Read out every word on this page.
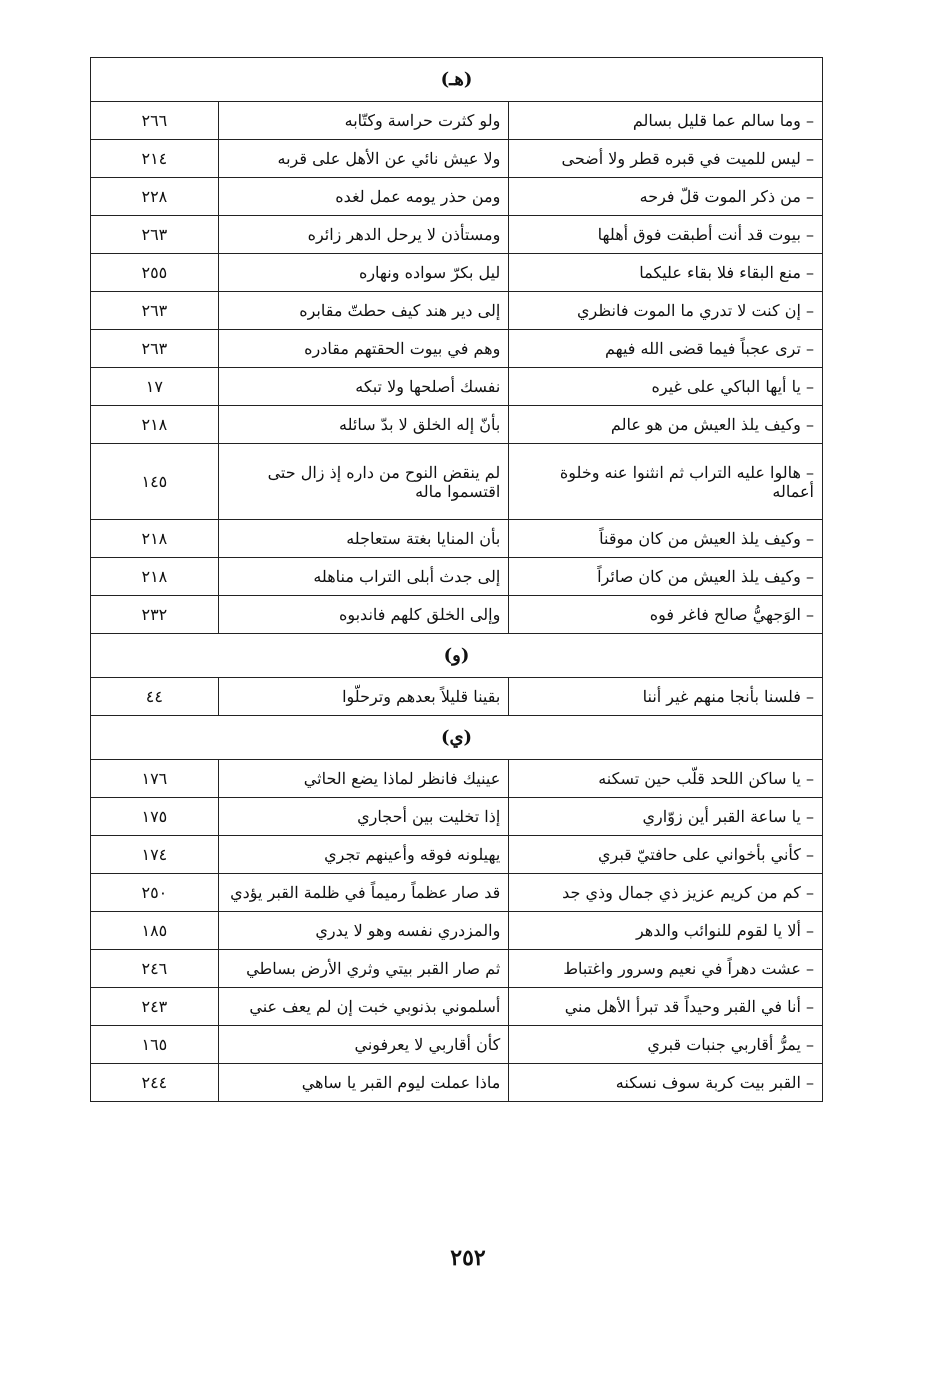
(هـ)		
– وما سالم عما قليل بسالم	ولو كثرت حراسة وكتّابه	٢٦٦
– ليس للميت في قبره قطر ولا أضحى	ولا عيش نائي عن الأهل على قربه	٢١٤
– من ذكر الموت قلّ فرحه	ومن حذر يومه عمل لغده	٢٢٨
– بيوت قد أنت أطبقت فوق أهلها	ومستأذن لا يرحل الدهر زائره	٢٦٣
– منع البقاء فلا بقاء عليكما	ليل بكرّ سواده ونهاره	٢٥٥
– إن كنت لا تدري ما الموت فانظري	إلى دير هند كيف حطتّ مقابره	٢٦٣
– ترى عجباً فيما قضى الله فيهم	وهم في بيوت الحقتهم مقادره	٢٦٣
– يا أيها الباكي على غيره	نفسك أصلحها ولا تبكه	١٧
– وكيف يلذ العيش من هو عالم	بأنّ إله الخلق لا بدّ سائله	٢١٨
– هالوا عليه التراب ثم انثنوا عنه وخلوة أعماله	لم ينقض النوح من داره إذ زال حتى اقتسموا ماله	١٤٥
– وكيف يلذ العيش من كان موقناً	بأن المنايا بغتة ستعاجله	٢١٨
– وكيف يلذ العيش من كان صائراً	إلى جدث أبلى التراب مناهله	٢١٨
– الوَجهيُّ صالح فاغر فوه	وإلى الخلق كلهم فاندبوه	٢٣٢
(و)		
– فلسنا بأنجا منهم غير أننا	بقينا قليلاً بعدهم وترحلّوا	٤٤
(ي)		
– يا ساكن اللحد قلّب حين تسكنه	عينيك فانظر لماذا يضع الحاثي	١٧٦
– يا ساعة القبر أين زوّاري	إذا تخليت بين أحجاري	١٧٥
– كأني بأخواني على حافتيّ قبري	يهيلونه فوقه وأعينهم تجري	١٧٤
– كم من كريم عزيز ذي جمال وذي جد	قد صار عظماً رميماً في ظلمة القبر يؤدي	٢٥٠
– ألا يا لقوم للنوائب والدهر	والمزدري نفسه وهو لا يدري	١٨٥
– عشت دهراً في نعيم وسرور واغتباط	ثم صار القبر بيتي وثري الأرض بساطي	٢٤٦
– أنا في القبر وحيداً قد تبرأ الأهل مني	أسلموني بذنوبي خبت إن لم يعف عني	٢٤٣
– يمرُّ أقاربي جنبات قبري	كأن أقاربي لا يعرفوني	١٦٥
– القبر بيت كربة سوف نسكنه	ماذا عملت ليوم القبر يا ساهي	٢٤٤
٢٥٢
